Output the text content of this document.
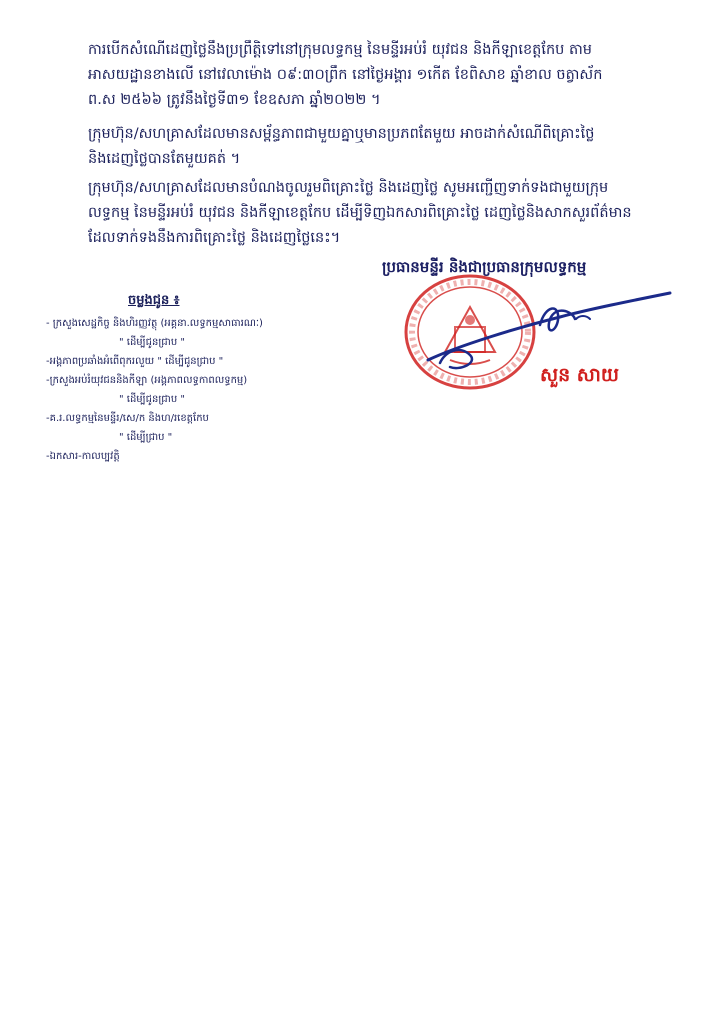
ការបើកសំណើដេញថ្លៃនឹងប្រព្រឹត្តិទៅនៅក្រុមលទ្ធកម្ម នៃមន្ទីរអប់រំ យុវជន និងកីឡាខេត្តកែប តាម
អាសយដ្ឋានខាងលើ នៅវេលាម៉ោង ០៩:៣០ព្រឹក នៅថ្ងៃអង្គារ ១កើត ខែពិសាខ ឆ្នាំខាល ចត្វាស័ក
ព.ស ២៥៦៦ ត្រូវនឹងថ្ងៃទី៣១ ខែឧសភា ឆ្នាំ២០២២ ។
ក្រុមហ៊ុន/សហគ្រាសដែលមានសម្ព័ន្ធភាពជាមួយគ្នាឬមានប្រភពតែមួយ អាចដាក់សំណើពិគ្រោះថ្លៃ
និងដេញថ្លៃបានតែមួយគត់ ។
ក្រុមហ៊ុន/សហគ្រាសដែលមានបំណងចូលរួមពិគ្រោះថ្លៃ និងដេញថ្លៃ សូមអញ្ជើញទាក់ទងជាមួយក្រុម
លទ្ធកម្ម នៃមន្ទីរអប់រំ យុវជន និងកីឡាខេត្តកែប ដើម្បីទិញឯកសារពិគ្រោះថ្លៃ ដេញថ្លៃនិងសាកសួរព័ត៌មាន
ដែលទាក់ទងនឹងការពិគ្រោះថ្លៃ និងដេញថ្លៃនេះ។
ប្រធានមន្ទីរ និងជាប្រធានក្រុមលទ្ធកម្ម
សួន សាយ
ចម្លងជូន ៖
- ក្រសួងសេដ្ឋកិច្ច និងហិរញ្ញវត្ថុ (អគ្គនា.លទ្ធកម្មសាធារណៈ)
" ដើម្បីជូនជ្រាប "
-អង្គភាពប្រឆាំងអំពើពុករលួយ " ដើម្បីជូនជ្រាប "
-ក្រសួងអប់រំយុវជននិងកីឡា (អង្គភាពលទ្ធកាពលទ្ធកម្ម)
" ដើម្បីជូនជ្រាប "
-គ.រ.លទ្ធកម្មនៃមន្ទីរ/សេ/ក និងហ/រខេត្តកែប
" ដើម្បីជ្រាប "
-ឯកសារ-កាលប្បវត្តិ
